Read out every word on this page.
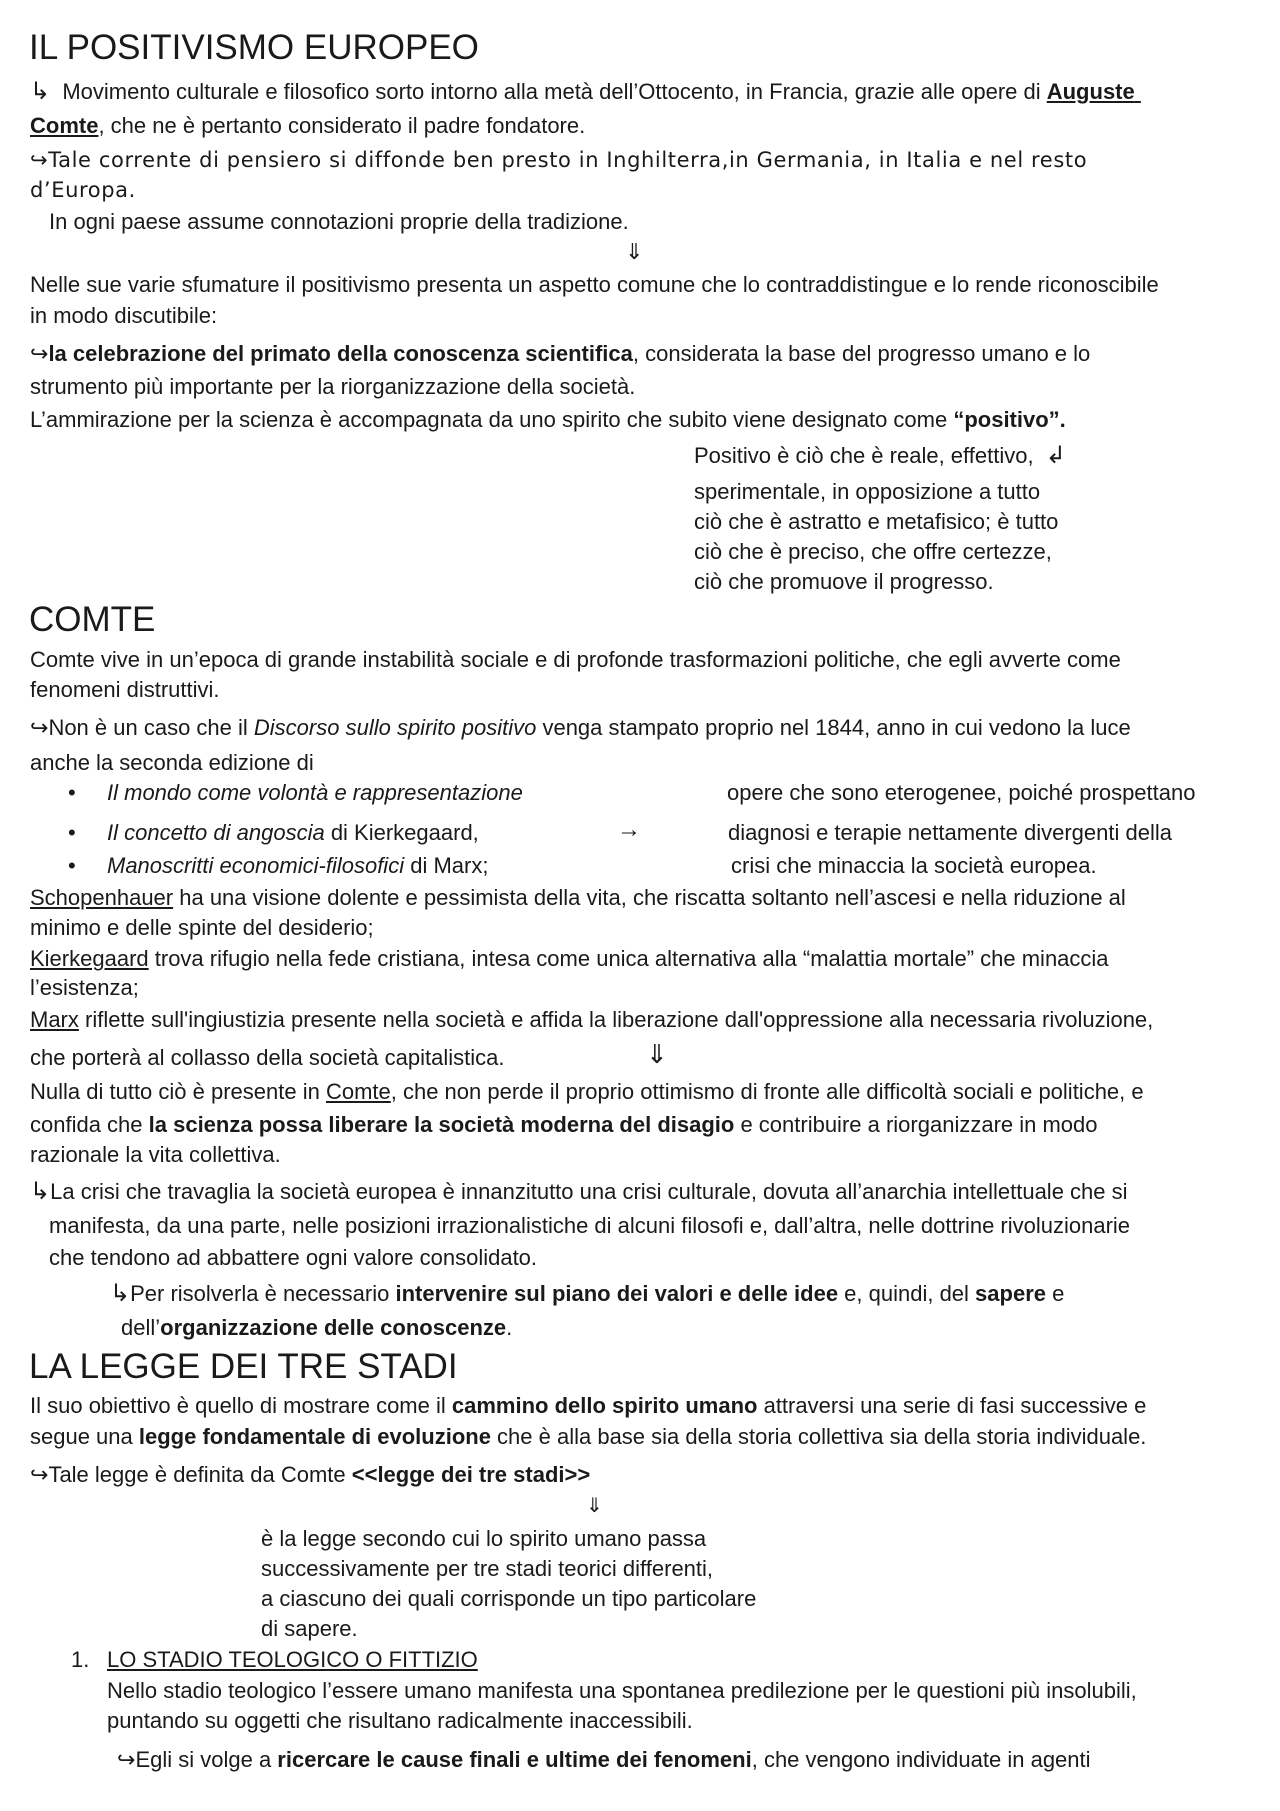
IL POSITIVISMO EUROPEO
↳ Movimento culturale e filosofico sorto intorno alla metà dell’Ottocento, in Francia, grazie alle opere di Auguste
Comte, che ne è pertanto considerato il padre fondatore.
↪Tale corrente di pensiero si diffonde ben presto in Inghilterra,in Germania, in Italia e nel resto
d’Europa.
In ogni paese assume connotazioni proprie della tradizione.
⇓
Nelle sue varie sfumature il positivismo presenta un aspetto comune che lo contraddistingue e lo rende riconoscibile
in modo discutibile:
↪la celebrazione del primato della conoscenza scientifica, considerata la base del progresso umano e lo
strumento più importante per la riorganizzazione della società.
L’ammirazione per la scienza è accompagnata da uno spirito che subito viene designato come “positivo”.
Positivo è ciò che è reale, effettivo, ↲
sperimentale, in opposizione a tutto
ciò che è astratto e metafisico; è tutto
ciò che è preciso, che offre certezze,
ciò che promuove il progresso.
COMTE
Comte vive in un’epoca di grande instabilità sociale e di profonde trasformazioni politiche, che egli avverte come
fenomeni distruttivi.
↪Non è un caso che il Discorso sullo spirito positivo venga stampato proprio nel 1844, anno in cui vedono la luce
anche la seconda edizione di
• Il mondo come volontà e rappresentazione
• Il concetto di angoscia di Kierkegaard,
• Manoscritti economici-filosofici di Marx;
→
opere che sono eterogenee, poiché prospettano
diagnosi e terapie nettamente divergenti della
crisi che minaccia la società europea.
Schopenhauer ha una visione dolente e pessimista della vita, che riscatta soltanto nell’ascesi e nella riduzione al
minimo e delle spinte del desiderio;
Kierkegaard trova rifugio nella fede cristiana, intesa come unica alternativa alla “malattia mortale” che minaccia
l’esistenza;
Marx riflette sull'ingiustizia presente nella società e affida la liberazione dall'oppressione alla necessaria rivoluzione,
che porterà al collasso della società capitalistica.	⇓
Nulla di tutto ciò è presente in Comte, che non perde il proprio ottimismo di fronte alle difficoltà sociali e politiche, e
confida che la scienza possa liberare la società moderna del disagio e contribuire a riorganizzare in modo
razionale la vita collettiva.
↳La crisi che travaglia la società europea è innanzitutto una crisi culturale, dovuta all’anarchia intellettuale che si
manifesta, da una parte, nelle posizioni irrazionalistiche di alcuni filosofi e, dall’altra, nelle dottrine rivoluzionarie
che tendono ad abbattere ogni valore consolidato.
↳Per risolverla è necessario intervenire sul piano dei valori e delle idee e, quindi, del sapere e
dell’organizzazione delle conoscenze.
LA LEGGE DEI TRE STADI
Il suo obiettivo è quello di mostrare come il cammino dello spirito umano attraversi una serie di fasi successive e
segue una legge fondamentale di evoluzione che è alla base sia della storia collettiva sia della storia individuale.
↪Tale legge è definita da Comte <<legge dei tre stadi>>
⇓
è la legge secondo cui lo spirito umano passa
successivamente per tre stadi teorici differenti,
a ciascuno dei quali corrisponde un tipo particolare
di sapere.
1. LO STADIO TEOLOGICO O FITTIZIO
Nello stadio teologico l’essere umano manifesta una spontanea predilezione per le questioni più insolubili,
puntando su oggetti che risultano radicalmente inaccessibili.
↪Egli si volge a ricercare le cause finali e ultime dei fenomeni, che vengono individuate in agenti
